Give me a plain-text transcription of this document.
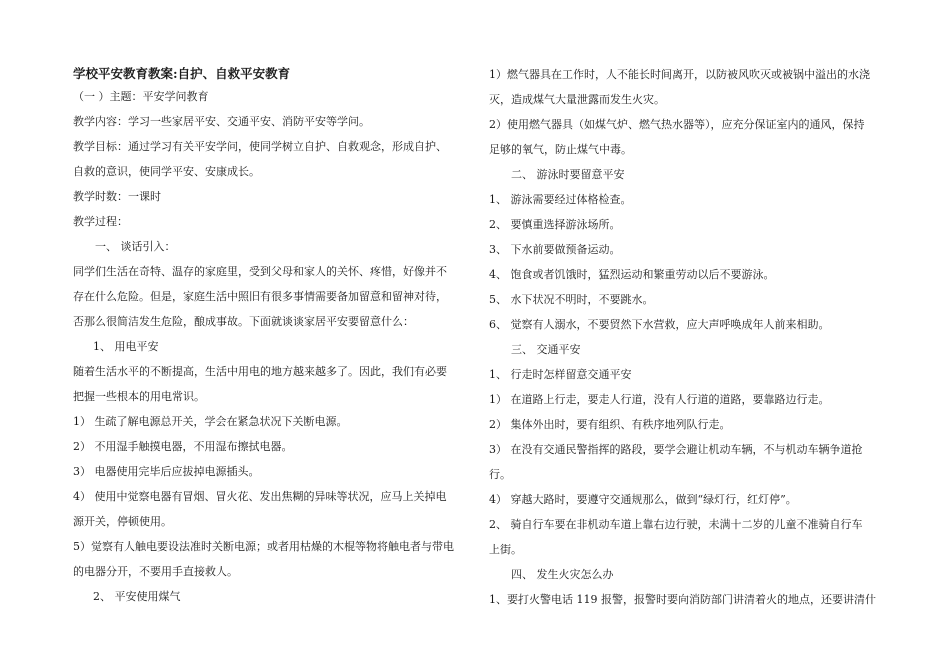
学校平安教育教案:自护、自救平安教育

（一 ）主题：平安学问教育

教学内容：学习一些家居平安、交通平安、消防平安等学问。

教学目标：通过学习有关平安学问，使同学树立自护、自救观念，形成自护、

自救的意识，使同学平安、安康成长。

教学时数：一课时

教学过程：

一、 谈话引入：

同学们生活在奇特、温存的家庭里，受到父母和家人的关怀、疼惜，好像并不

存在什么危险。但是，家庭生活中照旧有很多事情需要备加留意和留神对待，

否那么很简洁发生危险，酿成事故。下面就谈谈家居平安要留意什么：

1、 用电平安

随着生活水平的不断提高，生活中用电的地方越来越多了。因此，我们有必要

把握一些根本的用电常识。

1） 生疏了解电源总开关，学会在紧急状况下关断电源。

2） 不用湿手触摸电器，不用湿布擦拭电器。

3） 电器使用完毕后应拔掉电源插头。

4） 使用中觉察电器有冒烟、冒火花、发出焦糊的异味等状况，应马上关掉电

源开关，停顿使用。

5）觉察有人触电要设法准时关断电源；或者用枯燥的木棍等物将触电者与带电

的电器分开，不要用手直接救人。

2、 平安使用煤气

1）燃气器具在工作时，人不能长时间离开，以防被风吹灭或被锅中溢出的水浇

灭，造成煤气大量泄露而发生火灾。

2）使用燃气器具（如煤气炉、燃气热水器等），应充分保证室内的通风，保持

足够的氧气，防止煤气中毒。

二、 游泳时要留意平安

1、 游泳需要经过体格检查。

2、 要慎重选择游泳场所。

3、 下水前要做预备运动。

4、 饱食或者饥饿时，猛烈运动和繁重劳动以后不要游泳。

5、 水下状况不明时，不要跳水。

6、 觉察有人溺水，不要贸然下水营救，应大声呼唤成年人前来相助。

三、 交通平安

1、 行走时怎样留意交通平安

1） 在道路上行走，要走人行道，没有人行道的道路，要靠路边行走。

2） 集体外出时，要有组织、有秩序地列队行走。

3） 在没有交通民警指挥的路段，要学会避让机动车辆，不与机动车辆争道抢

行。

4） 穿越大路时，要遵守交通规那么，做到“绿灯行，红灯停”。

2、 骑自行车要在非机动车道上靠右边行驶，未满十二岁的儿童不准骑自行车

上街。

四、 发生火灾怎么办

1、要打火警电话 119 报警，报警时要向消防部门讲清着火的地点，还要讲清什
